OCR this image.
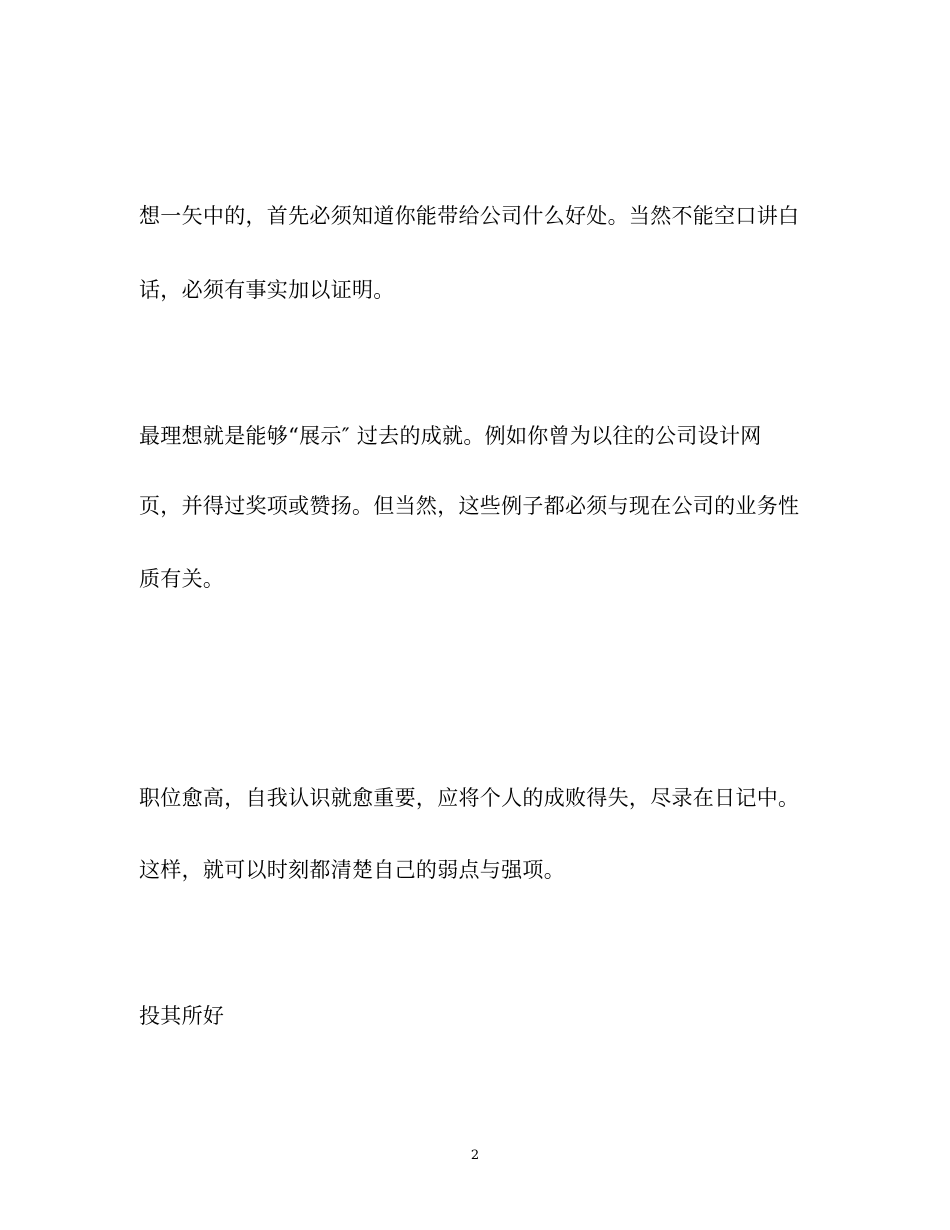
想一矢中的，首先必须知道你能带给公司什么好处。当然不能空口讲白
话，必须有事实加以证明。
最理想就是能够“展示″ 过去的成就。例如你曾为以往的公司设计网
页，并得过奖项或赞扬。但当然，这些例子都必须与现在公司的业务性
质有关。
职位愈高，自我认识就愈重要，应将个人的成败得失，尽录在日记中。
这样，就可以时刻都清楚自己的弱点与强项。
投其所好
2
